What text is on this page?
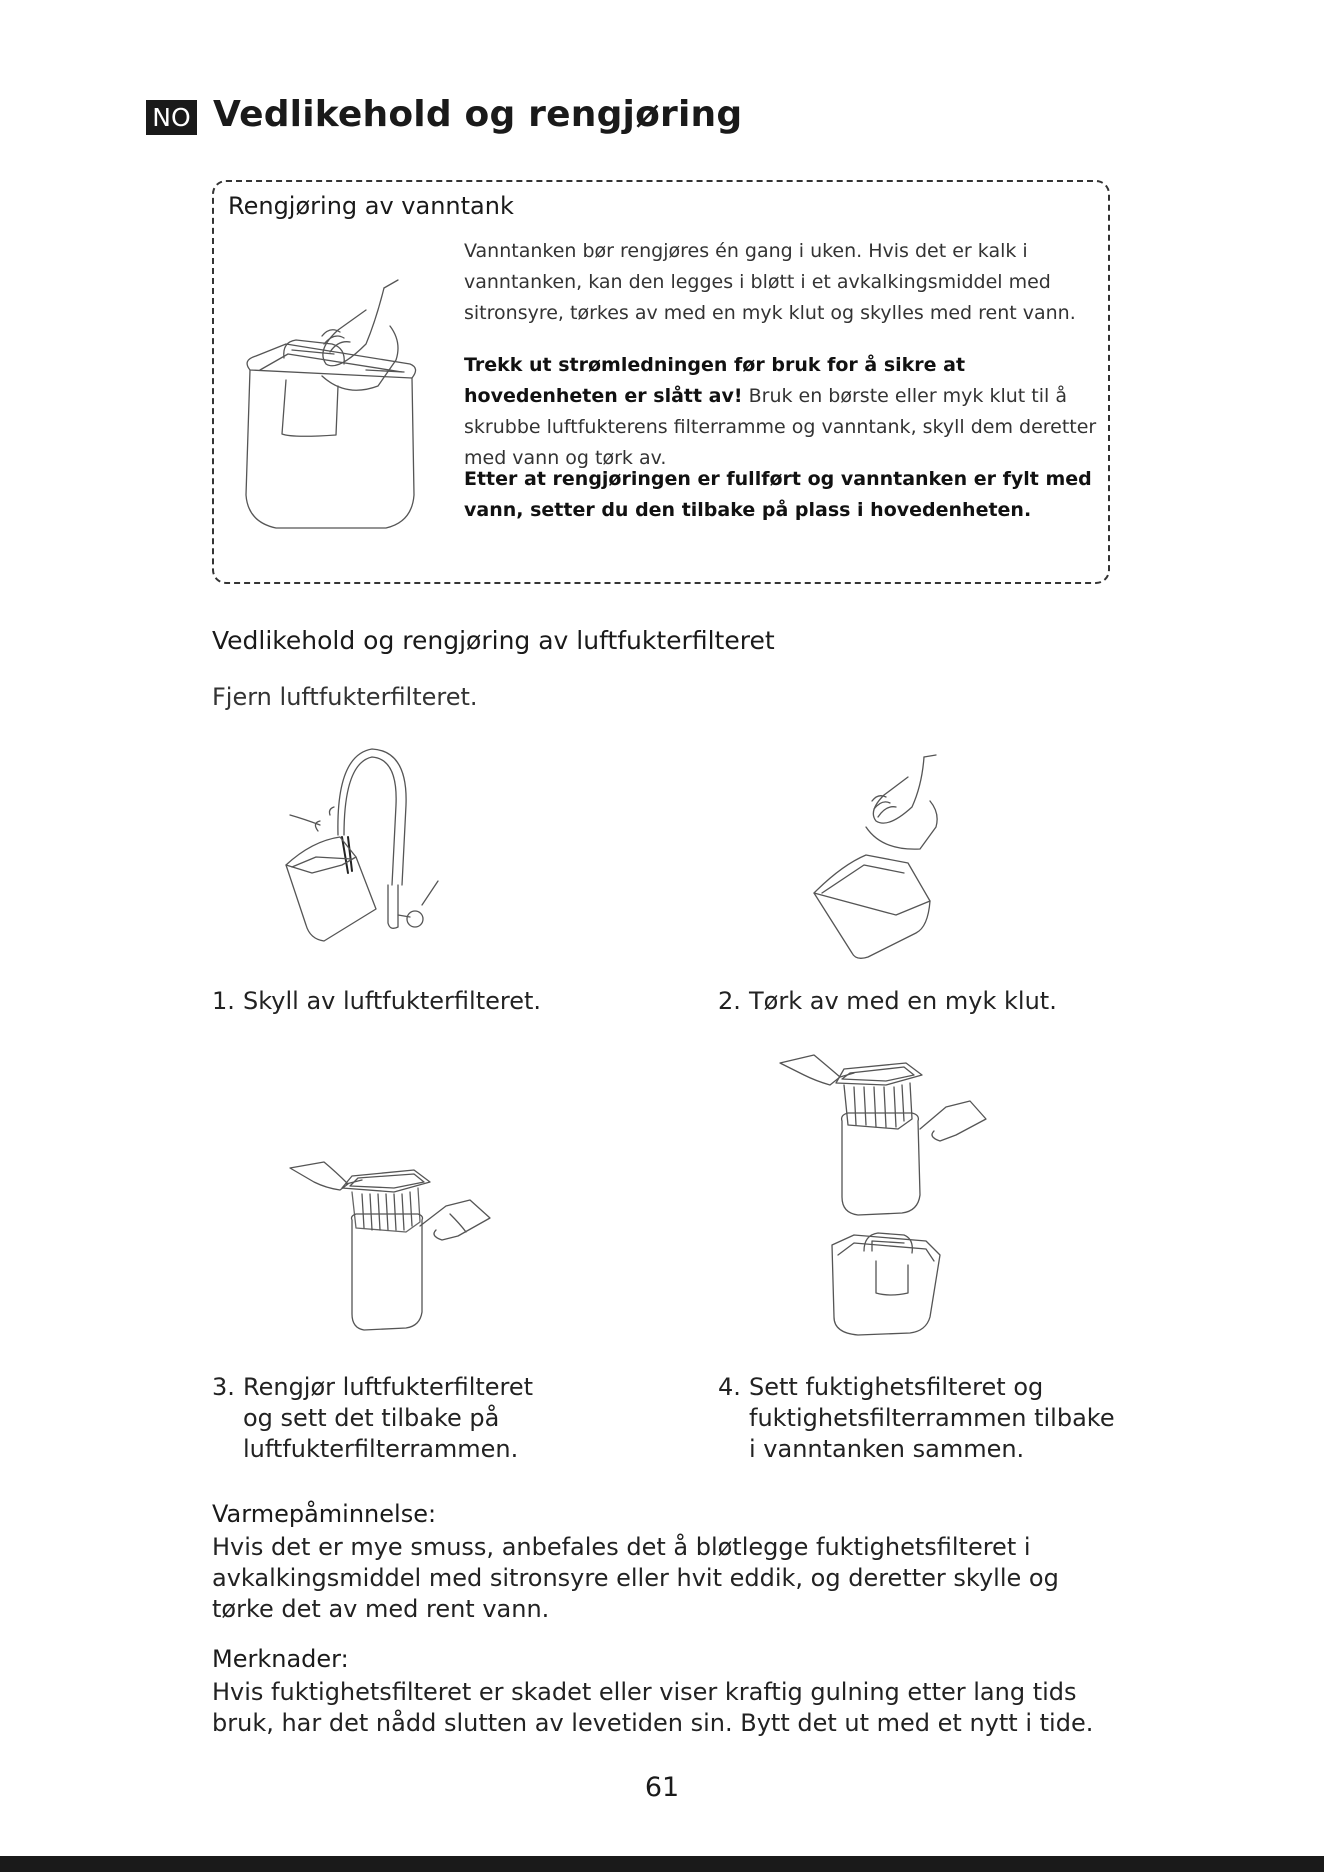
NO Vedlikehold og rengjøring
Rengjøring av vanntank

Vanntanken bør rengjøres én gang i uken. Hvis det er kalk i vanntanken, kan den legges i bløtt i et avkalkingsmiddel med sitronsyre, tørkes av med en myk klut og skylles med rent vann.

Trekk ut strømledningen før bruk for å sikre at hovedenheten er slått av! Bruk en børste eller myk klut til å skrubbe luftfukterens filterramme og vanntank, skyll dem deretter med vann og tørk av.

Etter at rengjøringen er fullført og vanntanken er fylt med vann, setter du den tilbake på plass i hovedenheten.

Vedlikehold og rengjøring av luftfukterfilteret

Fjern luftfukterfilteret.

1. Skyll av luftfukterfilteret.	2. Tørk av med en myk klut.
3. Rengjør luftfukterfilteret
og sett det tilbake på luftfukterfilterrammen.
4. Sett fuktighetsfilteret og
fuktighetsfilterrammen tilbake i vanntanken sammen.
Varmepåminnelse:

Hvis det er mye smuss, anbefales det å bløtlegge fuktighetsfilteret i avkalkingsmiddel med sitronsyre eller hvit eddik, og deretter skylle og tørke det av med rent vann.

Merknader:

Hvis fuktighetsfilteret er skadet eller viser kraftig gulning etter lang tids bruk, har det nådd slutten av levetiden sin. Bytt det ut med et nytt i tide.

61
